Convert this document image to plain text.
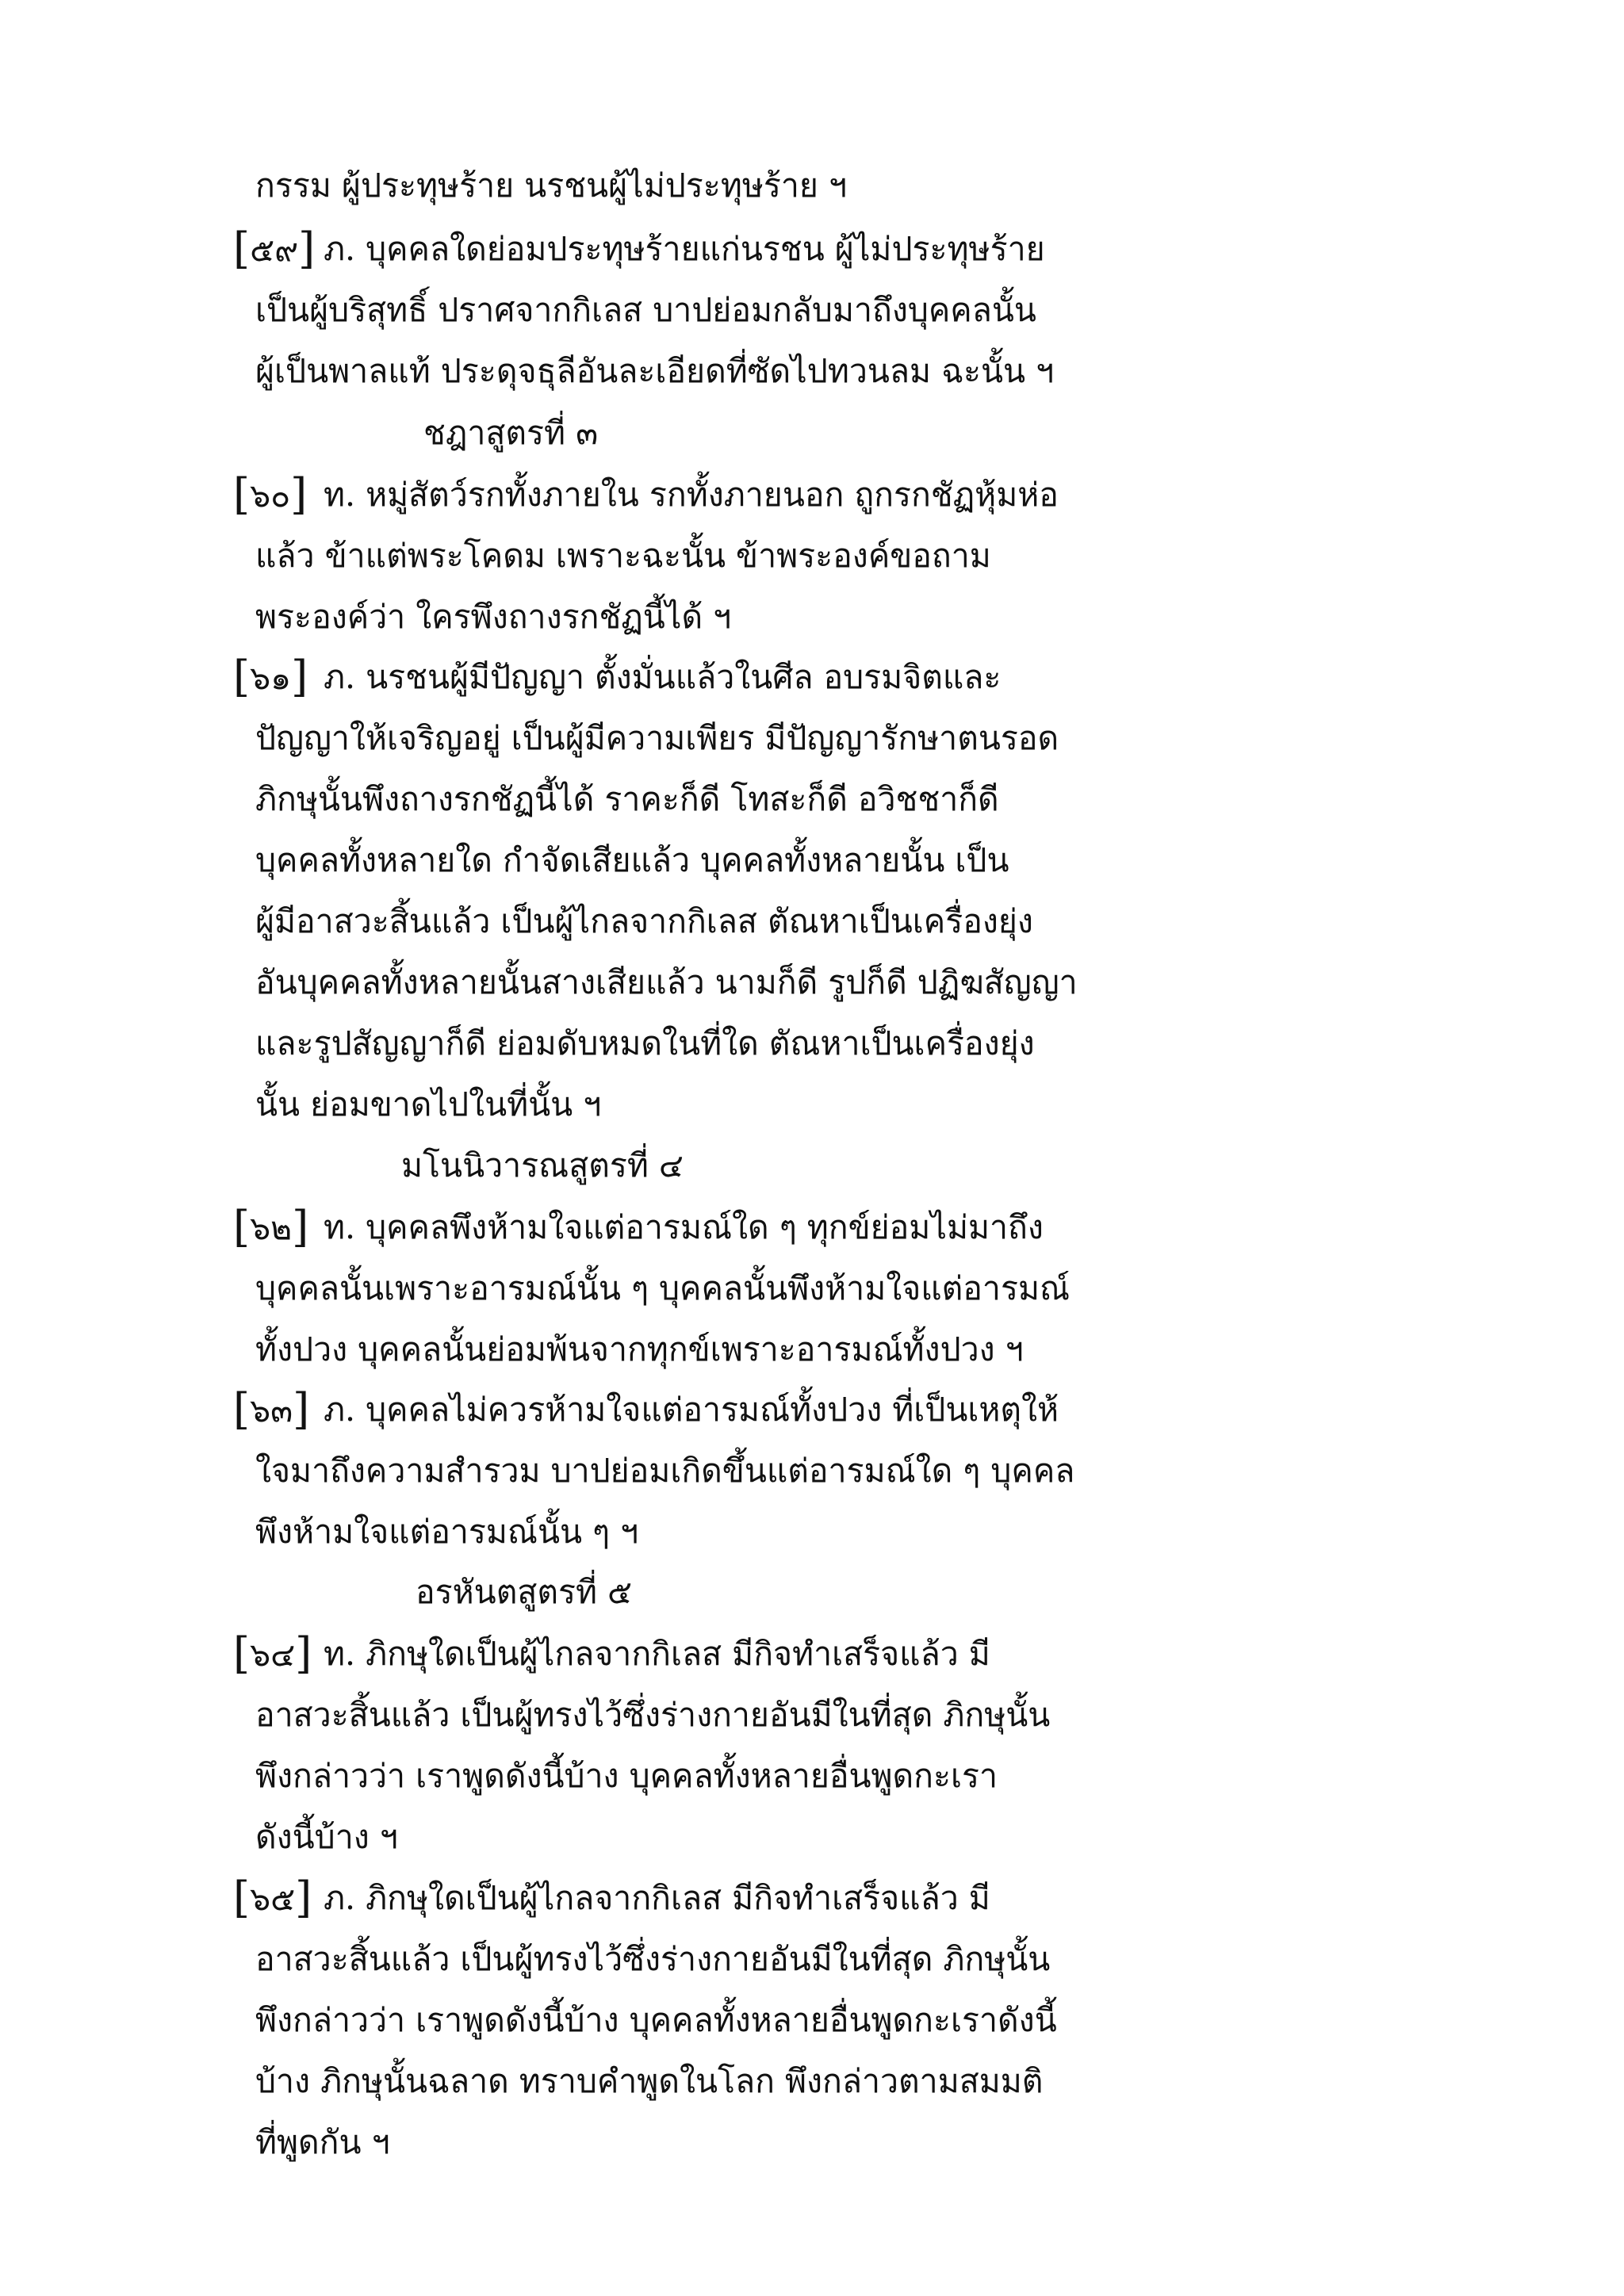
กรรม ผู้ประทุษร้าย นรชนผู้ไม่ประทุษร้าย ฯ
[๕๙] ภ. บุคคลใดย่อมประทุษร้ายแก่นรชน ผู้ไม่ประทุษร้าย
เป็นผู้บริสุทธิ์ ปราศจากกิเลส บาปย่อมกลับมาถึงบุคคลนั้น
ผู้เป็นพาลแท้ ประดุจธุลีอันละเอียดที่ซัดไปทวนลม ฉะนั้น ฯ
ชฎาสูตรที่ ๓
[๖๐] ท. หมู่สัตว์รกทั้งภายใน รกทั้งภายนอก ถูกรกชัฏหุ้มห่อ
แล้ว ข้าแต่พระโคดม เพราะฉะนั้น ข้าพระองค์ขอถาม
พระองค์ว่า ใครพึงถางรกชัฏนี้ได้ ฯ
[๖๑] ภ. นรชนผู้มีปัญญา ตั้งมั่นแล้วในศีล อบรมจิตและ
ปัญญาให้เจริญอยู่ เป็นผู้มีความเพียร มีปัญญารักษาตนรอด
ภิกษุนั้นพึงถางรกชัฏนี้ได้ ราคะก็ดี โทสะก็ดี อวิชชาก็ดี
บุคคลทั้งหลายใด กำจัดเสียแล้ว บุคคลทั้งหลายนั้น เป็น
ผู้มีอาสวะสิ้นแล้ว เป็นผู้ไกลจากกิเลส ตัณหาเป็นเครื่องยุ่ง
อันบุคคลทั้งหลายนั้นสางเสียแล้ว นามก็ดี รูปก็ดี ปฏิฆสัญญา
และรูปสัญญาก็ดี ย่อมดับหมดในที่ใด ตัณหาเป็นเครื่องยุ่ง
นั้น ย่อมขาดไปในที่นั้น ฯ
มโนนิวารณสูตรที่ ๔
[๖๒] ท. บุคคลพึงห้ามใจแต่อารมณ์ใด ๆ ทุกข์ย่อมไม่มาถึง
บุคคลนั้นเพราะอารมณ์นั้น ๆ บุคคลนั้นพึงห้ามใจแต่อารมณ์
ทั้งปวง บุคคลนั้นย่อมพ้นจากทุกข์เพราะอารมณ์ทั้งปวง ฯ
[๖๓] ภ. บุคคลไม่ควรห้ามใจแต่อารมณ์ทั้งปวง ที่เป็นเหตุให้
ใจมาถึงความสำรวม บาปย่อมเกิดขึ้นแต่อารมณ์ใด ๆ บุคคล
พึงห้ามใจแต่อารมณ์นั้น ๆ ฯ
อรหันตสูตรที่ ๕
[๖๔] ท. ภิกษุใดเป็นผู้ไกลจากกิเลส มีกิจทำเสร็จแล้ว มี
อาสวะสิ้นแล้ว เป็นผู้ทรงไว้ซึ่งร่างกายอันมีในที่สุด ภิกษุนั้น
พึงกล่าวว่า เราพูดดังนี้บ้าง บุคคลทั้งหลายอื่นพูดกะเรา
ดังนี้บ้าง ฯ
[๖๕] ภ. ภิกษุใดเป็นผู้ไกลจากกิเลส มีกิจทำเสร็จแล้ว มี
อาสวะสิ้นแล้ว เป็นผู้ทรงไว้ซึ่งร่างกายอันมีในที่สุด ภิกษุนั้น
พึงกล่าวว่า เราพูดดังนี้บ้าง บุคคลทั้งหลายอื่นพูดกะเราดังนี้
บ้าง ภิกษุนั้นฉลาด ทราบคำพูดในโลก พึงกล่าวตามสมมติ
ที่พูดกัน ฯ
